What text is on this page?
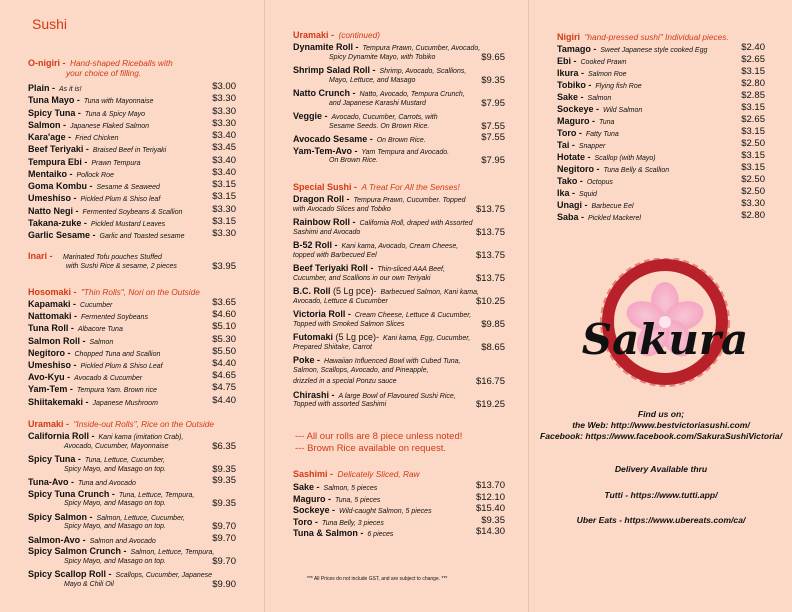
Sushi
O-nigiri - Hand-shaped Riceballs with
your choice of filling.
Plain - As it is!	$3.00
Tuna Mayo - Tuna with Mayonnaise	$3.30
Spicy Tuna - Tuna & Spicy Mayo	$3.30
Salmon - Japanese Flaked Salmon	$3.30
Kara'age - Fried Chicken	$3.40
Beef Teriyaki - Braised Beef in Teriyaki	$3.45
Tempura Ebi - Prawn Tempura	$3.40
Mentaiko - Pollock Roe	$3.40
Goma Kombu - Sesame & Seaweed	$3.15
Umeshiso - Pickled Plum & Shiso leaf	$3.15
Natto Negi - Fermented Soybeans & Scallion	$3.30
Takana-zuke - Pickled Mustard Leaves	$3.15
Garlic Sesame - Garlic and Toasted sesame	$3.30
Inari - Marinated Tofu pouches Stuffed
with Sushi Rice & sesame, 2 pieces	$3.95
Hosomaki - "Thin Rolls", Nori on the Outside
Kapamaki - Cucumber	$3.65
Nattomaki - Fermented Soybeans	$4.60
Tuna Roll - Albacore Tuna	$5.10
Salmon Roll - Salmon	$5.30
Negitoro - Chopped Tuna and Scallion	$5.50
Umeshiso - Pickled Plum & Shiso Leaf	$4.40
Avo-Kyu - Avocado & Cucumber	$4.65
Yam-Tem - Tempura Yam. Brown rice	$4.75
Shiitakemaki - Japanese Mushroom	$4.40
Uramaki - "Inside-out Rolls", Rice on the Outside
California Roll - Kani kama (imitation Crab),
Avocado, Cucumber, Mayonnaise	$6.35
Spicy Tuna - Tuna, Lettuce, Cucumber,
Spicy Mayo, and Masago on top.	$9.35
Tuna-Avo - Tuna and Avocado	$9.35
Spicy Tuna Crunch - Tuna, Lettuce, Tempura,
Spicy Mayo, and Masago on top.	$9.35
Spicy Salmon - Salmon, Lettuce, Cucumber,
Spicy Mayo, and Masago on top.	$9.70
Salmon-Avo - Salmon and Avocado	$9.70
Spicy Salmon Crunch - Salmon, Lettuce, Tempura,
Spicy Mayo, and Masago on top.	$9.70
Spicy Scallop Roll - Scallops, Cucumber, Japanese
Mayo & Chili Oil	$9.90
Uramaki - (continued)
Dynamite Roll - Tempura Prawn, Cucumber, Avocado,
Spicy Dynamite Mayo, with Tobiko	$9.65
Shrimp Salad Roll - Shrimp, Avocado, Scallions,
Mayo, Lettuce, and Masago	$9.35
Natto Crunch - Natto, Avocado, Tempura Crunch,
and Japanese Karashi Mustard	$7.95
Veggie - Avocado, Cucumber, Carrots, with
Sesame Seeds. On Brown Rice.	$7.55
Avocado Sesame - On Brown Rice.	$7.55
Yam-Tem-Avo - Yam Tempura and Avocado.
On Brown Rice.	$7.95
Special Sushi - A Treat For All the Senses!
Dragon Roll - Tempura Prawn, Cucumber. Topped
with Avocado Slices and Tobiko	$13.75
Rainbow Roll - California Roll, draped with Assorted
Sashimi and Avocado	$13.75
B-52 Roll - Kani kama, Avocado, Cream Cheese,
topped with Barbecued Eel	$13.75
Beef Teriyaki Roll - Thin-sliced AAA Beef,
Cucumber, and Scallions in our own Teriyaki	$13.75
B.C. Roll (5 Lg pce)- Barbecued Salmon, Kani kama,
Avocado, Lettuce & Cucumber	$10.25
Victoria Roll - Cream Cheese, Lettuce & Cucumber,
Topped with Smoked Salmon Slices	$9.85
Futomaki (5 Lg pce)- Kani kama, Egg, Cucumber,
Prepared Shiitake, Carrot	$8.65
Poke - Hawaiian Influenced Bowl with Cubed Tuna,
Salmon, Scallops, Avocado, and Pineapple,
drizzled in a special Ponzu sauce	$16.75
Chirashi - A large Bowl of Flavoured Sushi Rice,
Topped with assorted Sashimi	$19.25
--- All our rolls are 8 piece unless noted!
--- Brown Rice available on request.
Sashimi - Delicately Sliced, Raw
Sake - Salmon, 5 pieces	$13.70
Maguro - Tuna, 5 pieces	$12.10
Sockeye - Wild-caught Salmon, 5 pieces	$15.40
Toro - Tuna Belly, 3 pieces	$9.35
Tuna & Salmon - 6 pieces	$14.30
*** All Prices do not include GST, and are subject to change. ***
Nigiri "hand-pressed sushi" Individual pieces.
Tamago - Sweet Japanese style cooked Egg	$2.40
Ebi - Cooked Prawn	$2.65
Ikura - Salmon Roe	$3.15
Tobiko - Flying fish Roe	$2.80
Sake - Salmon	$2.85
Sockeye - Wild Salmon	$3.15
Maguro - Tuna	$2.65
Toro - Fatty Tuna	$3.15
Tai - Snapper	$2.50
Hotate - Scallop (with Mayo)	$3.15
Negitoro - Tuna Belly & Scallion	$3.15
Tako - Octopus	$2.50
Ika - Squid	$2.50
Unagi - Barbecue Eel	$3.30
Saba - Pickled Mackerel	$2.80
Sakura
Find us on;
the Web: http://www.bestvictoriasushi.com/
Facebook: https://www.facebook.com/SakuraSushiVictoria/
Delivery Available thru
Tutti - https://www.tutti.app/
Uber Eats - https://www.ubereats.com/ca/
